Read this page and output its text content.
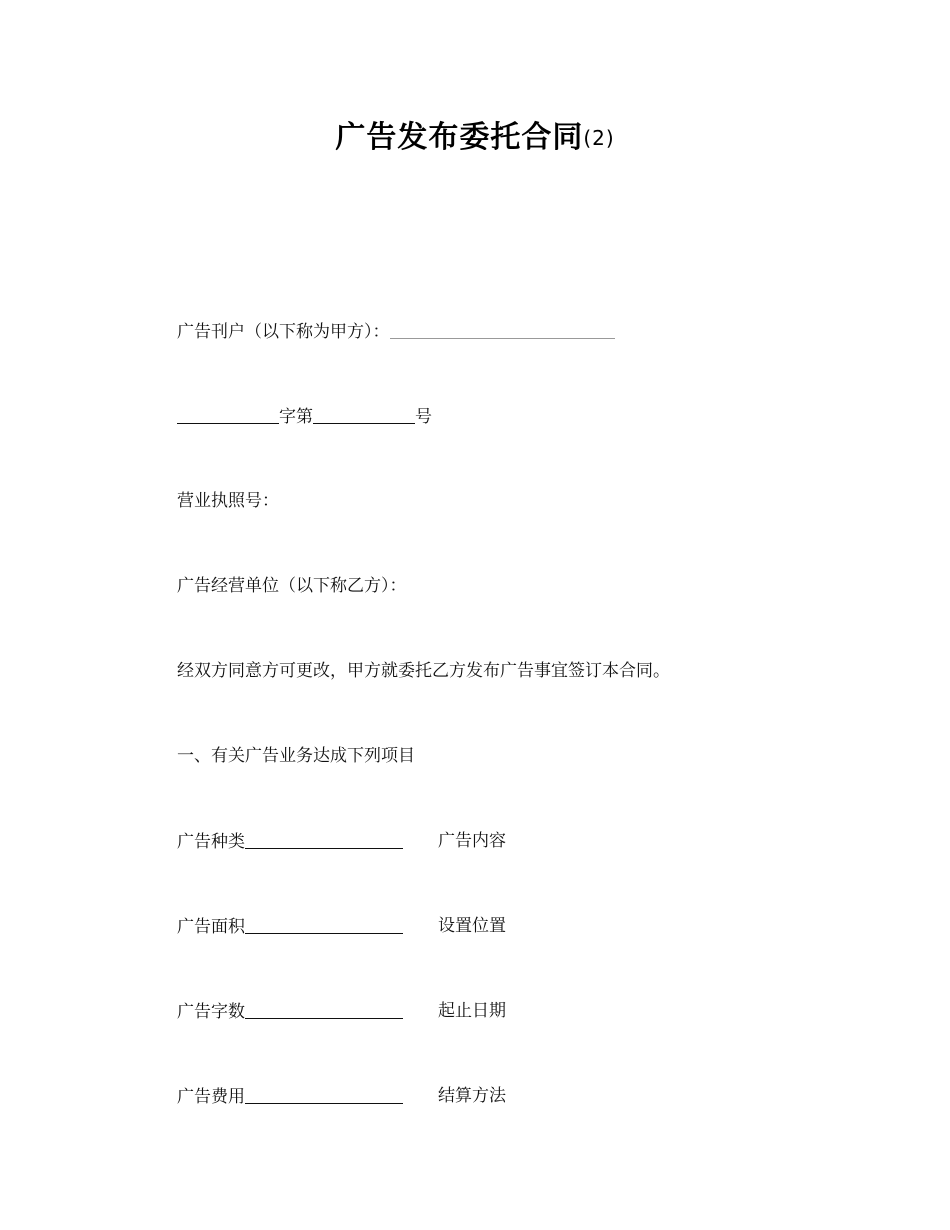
广告发布委托合同(2)
广告刊户（以下称为甲方）：
字第	号
营业执照号：
广告经营单位（以下称乙方）：
经双方同意方可更改，甲方就委托乙方发布广告事宜签订本合同。
一、有关广告业务达成下列项目
广告种类	广告内容
广告面积	设置位置
广告字数	起止日期
广告费用	结算方法
